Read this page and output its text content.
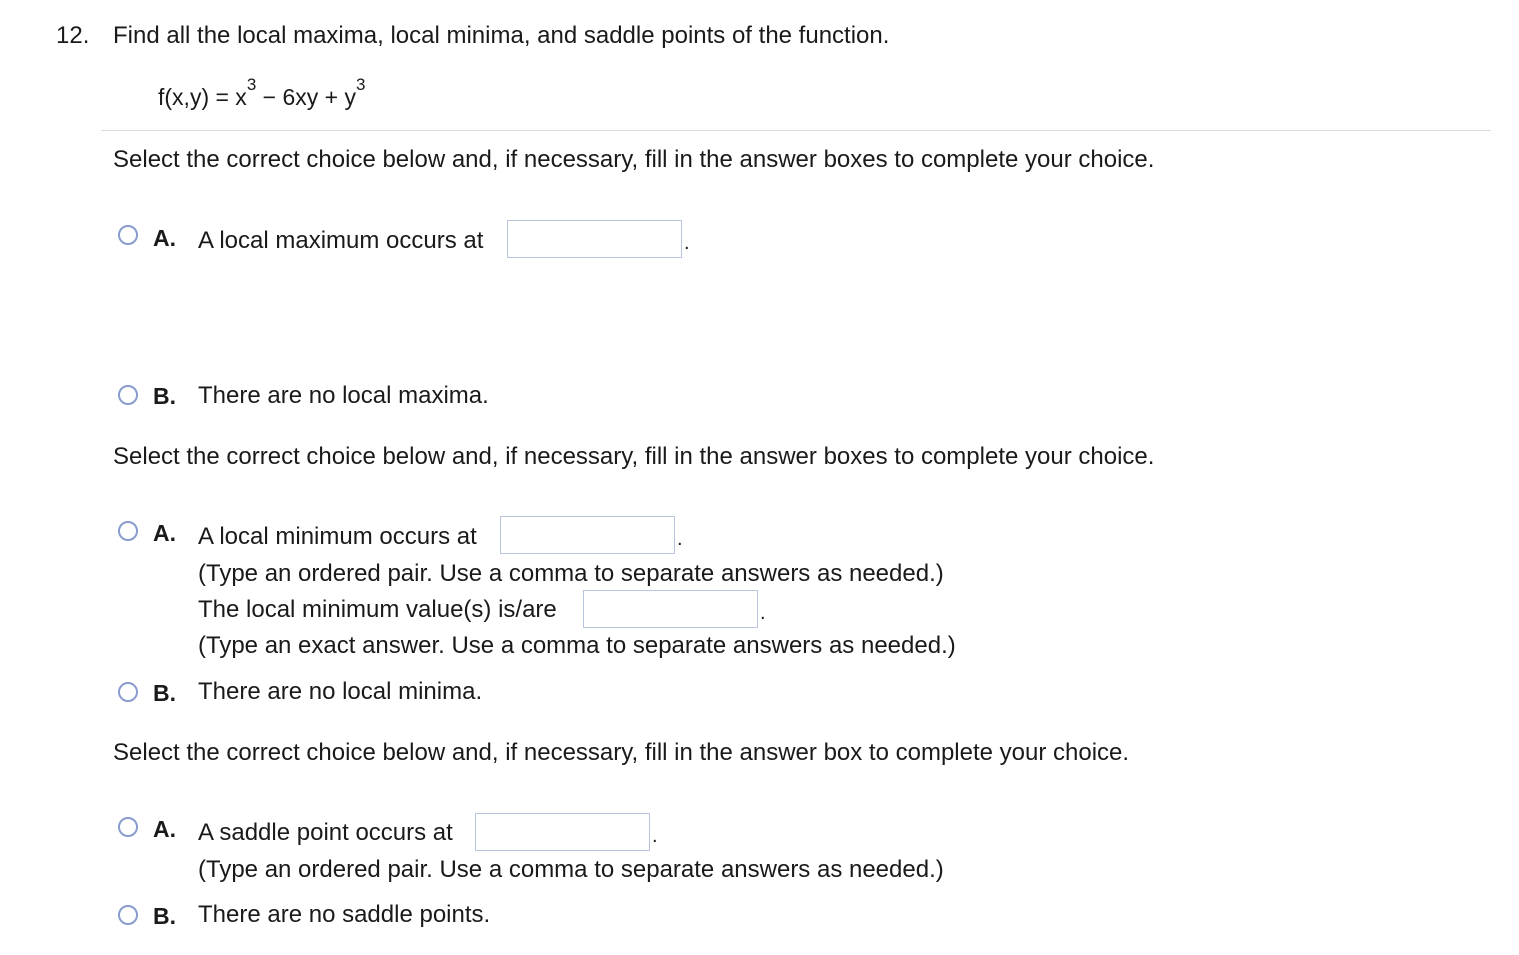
12. Find all the local maxima, local minima, and saddle points of the function.
$f(x,y) = x^3 - 6xy + y^3$
Select the correct choice below and, if necessary, fill in the answer boxes to complete your choice.
A. A local maximum occurs at	.
B. There are no local maxima.
Select the correct choice below and, if necessary, fill in the answer boxes to complete your choice.
A. A local minimum occurs at	.
(Type an ordered pair. Use a comma to separate answers as needed.)
The local minimum value(s) is/are	.
(Type an exact answer. Use a comma to separate answers as needed.)
B. There are no local minima.
Select the correct choice below and, if necessary, fill in the answer box to complete your choice.
A. A saddle point occurs at	.
(Type an ordered pair. Use a comma to separate answers as needed.)
B. There are no saddle points.
